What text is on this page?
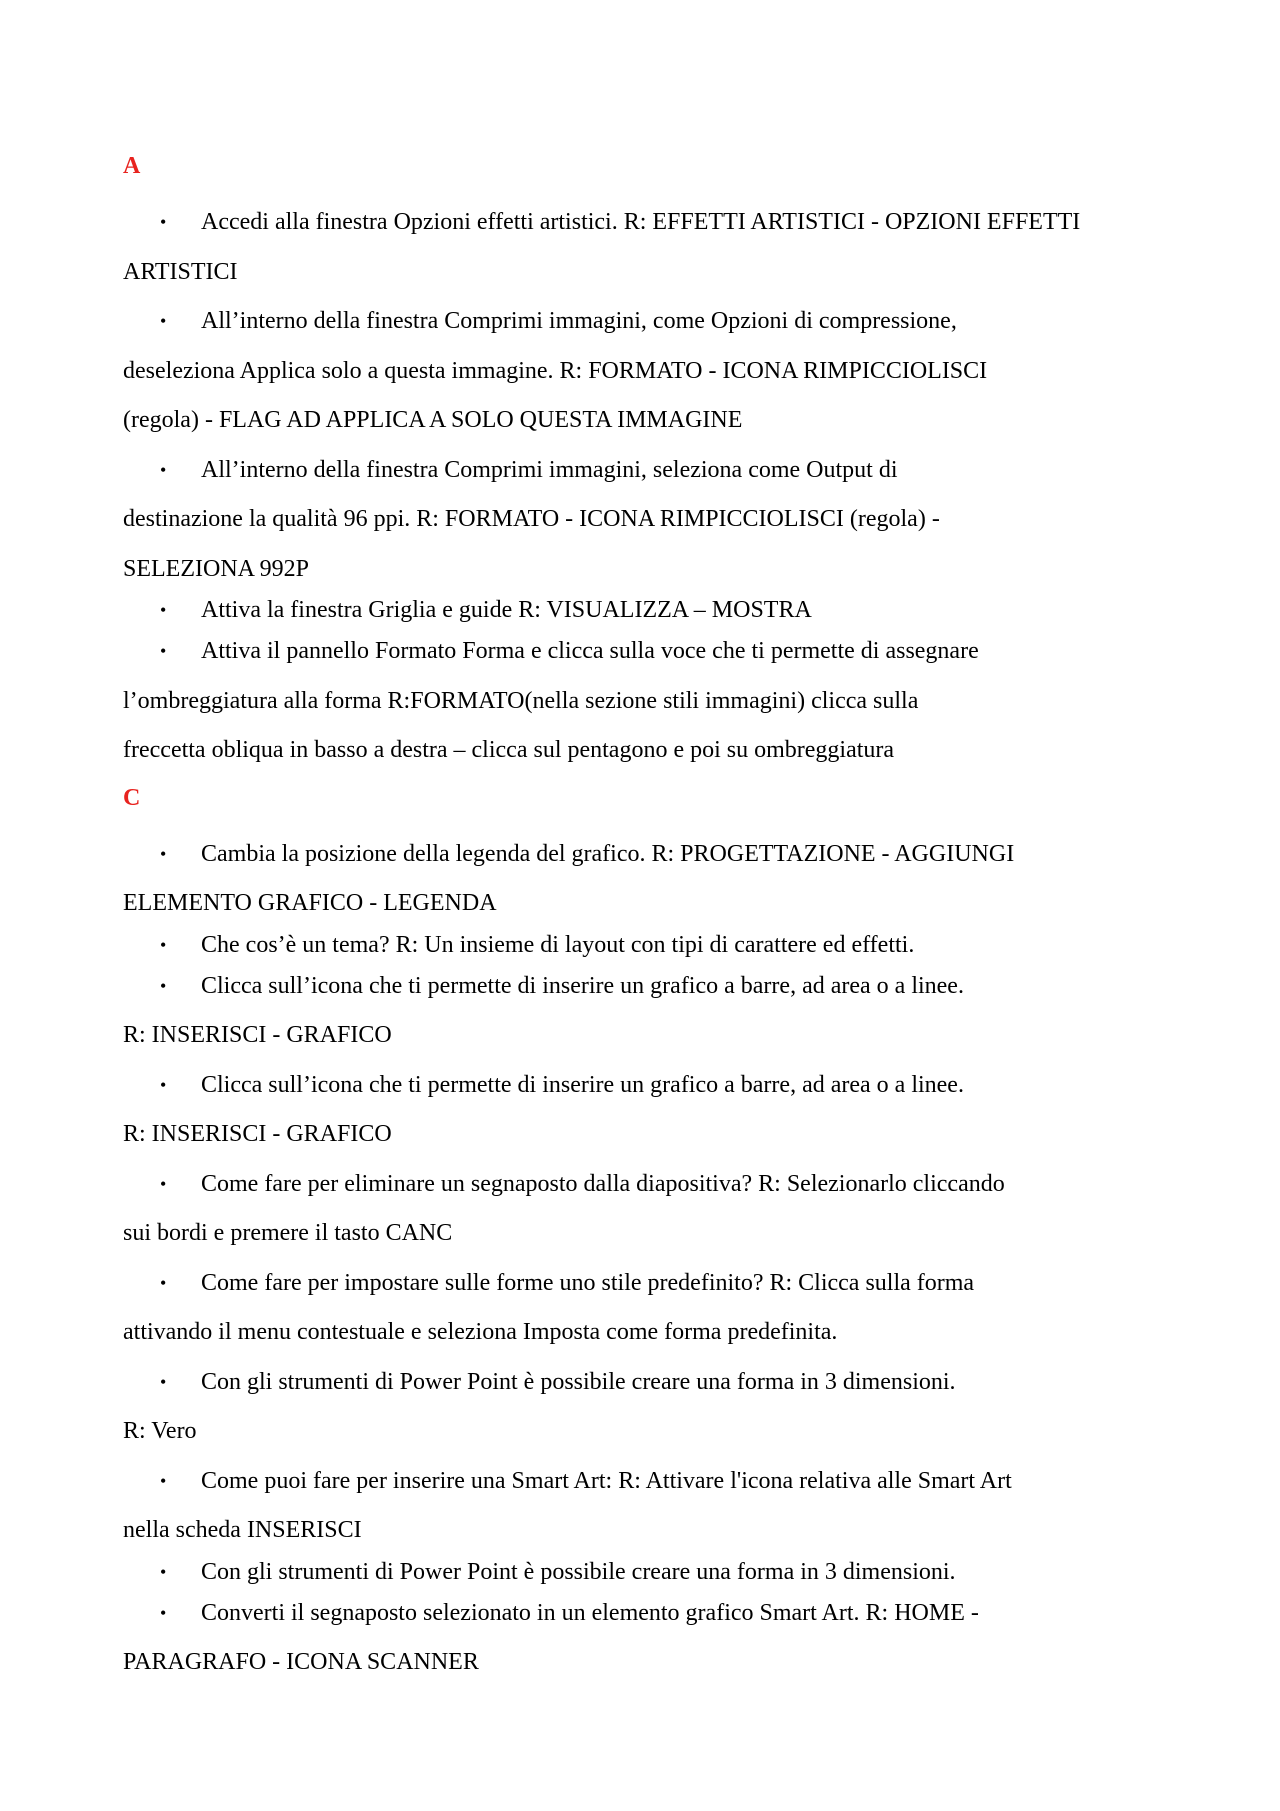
A
• Accedi alla finestra Opzioni effetti artistici. R: EFFETTI ARTISTICI - OPZIONI EFFETTI
ARTISTICI
• All’interno della finestra Comprimi immagini, come Opzioni di compressione,
deseleziona Applica solo a questa immagine. R: FORMATO - ICONA RIMPICCIOLISCI
(regola) - FLAG AD APPLICA A SOLO QUESTA IMMAGINE
• All’interno della finestra Comprimi immagini, seleziona come Output di
destinazione la qualità 96 ppi. R: FORMATO - ICONA RIMPICCIOLISCI (regola) -
SELEZIONA 992P
• Attiva la finestra Griglia e guide R: VISUALIZZA – MOSTRA
• Attiva il pannello Formato Forma e clicca sulla voce che ti permette di assegnare
l’ombreggiatura alla forma R:FORMATO(nella sezione stili immagini) clicca sulla
freccetta obliqua in basso a destra – clicca sul pentagono e poi su ombreggiatura
C
• Cambia la posizione della legenda del grafico. R: PROGETTAZIONE - AGGIUNGI
ELEMENTO GRAFICO - LEGENDA
• Che cos’è un tema? R: Un insieme di layout con tipi di carattere ed effetti.
• Clicca sull’icona che ti permette di inserire un grafico a barre, ad area o a linee.
R: INSERISCI - GRAFICO
• Clicca sull’icona che ti permette di inserire un grafico a barre, ad area o a linee.
R: INSERISCI - GRAFICO
• Come fare per eliminare un segnaposto dalla diapositiva? R: Selezionarlo cliccando
sui bordi e premere il tasto CANC
• Come fare per impostare sulle forme uno stile predefinito? R: Clicca sulla forma
attivando il menu contestuale e seleziona Imposta come forma predefinita.
• Con gli strumenti di Power Point è possibile creare una forma in 3 dimensioni.
R: Vero
• Come puoi fare per inserire una Smart Art: R: Attivare l'icona relativa alle Smart Art
nella scheda INSERISCI
• Con gli strumenti di Power Point è possibile creare una forma in 3 dimensioni.
• Converti il segnaposto selezionato in un elemento grafico Smart Art. R: HOME -
PARAGRAFO - ICONA SCANNER
